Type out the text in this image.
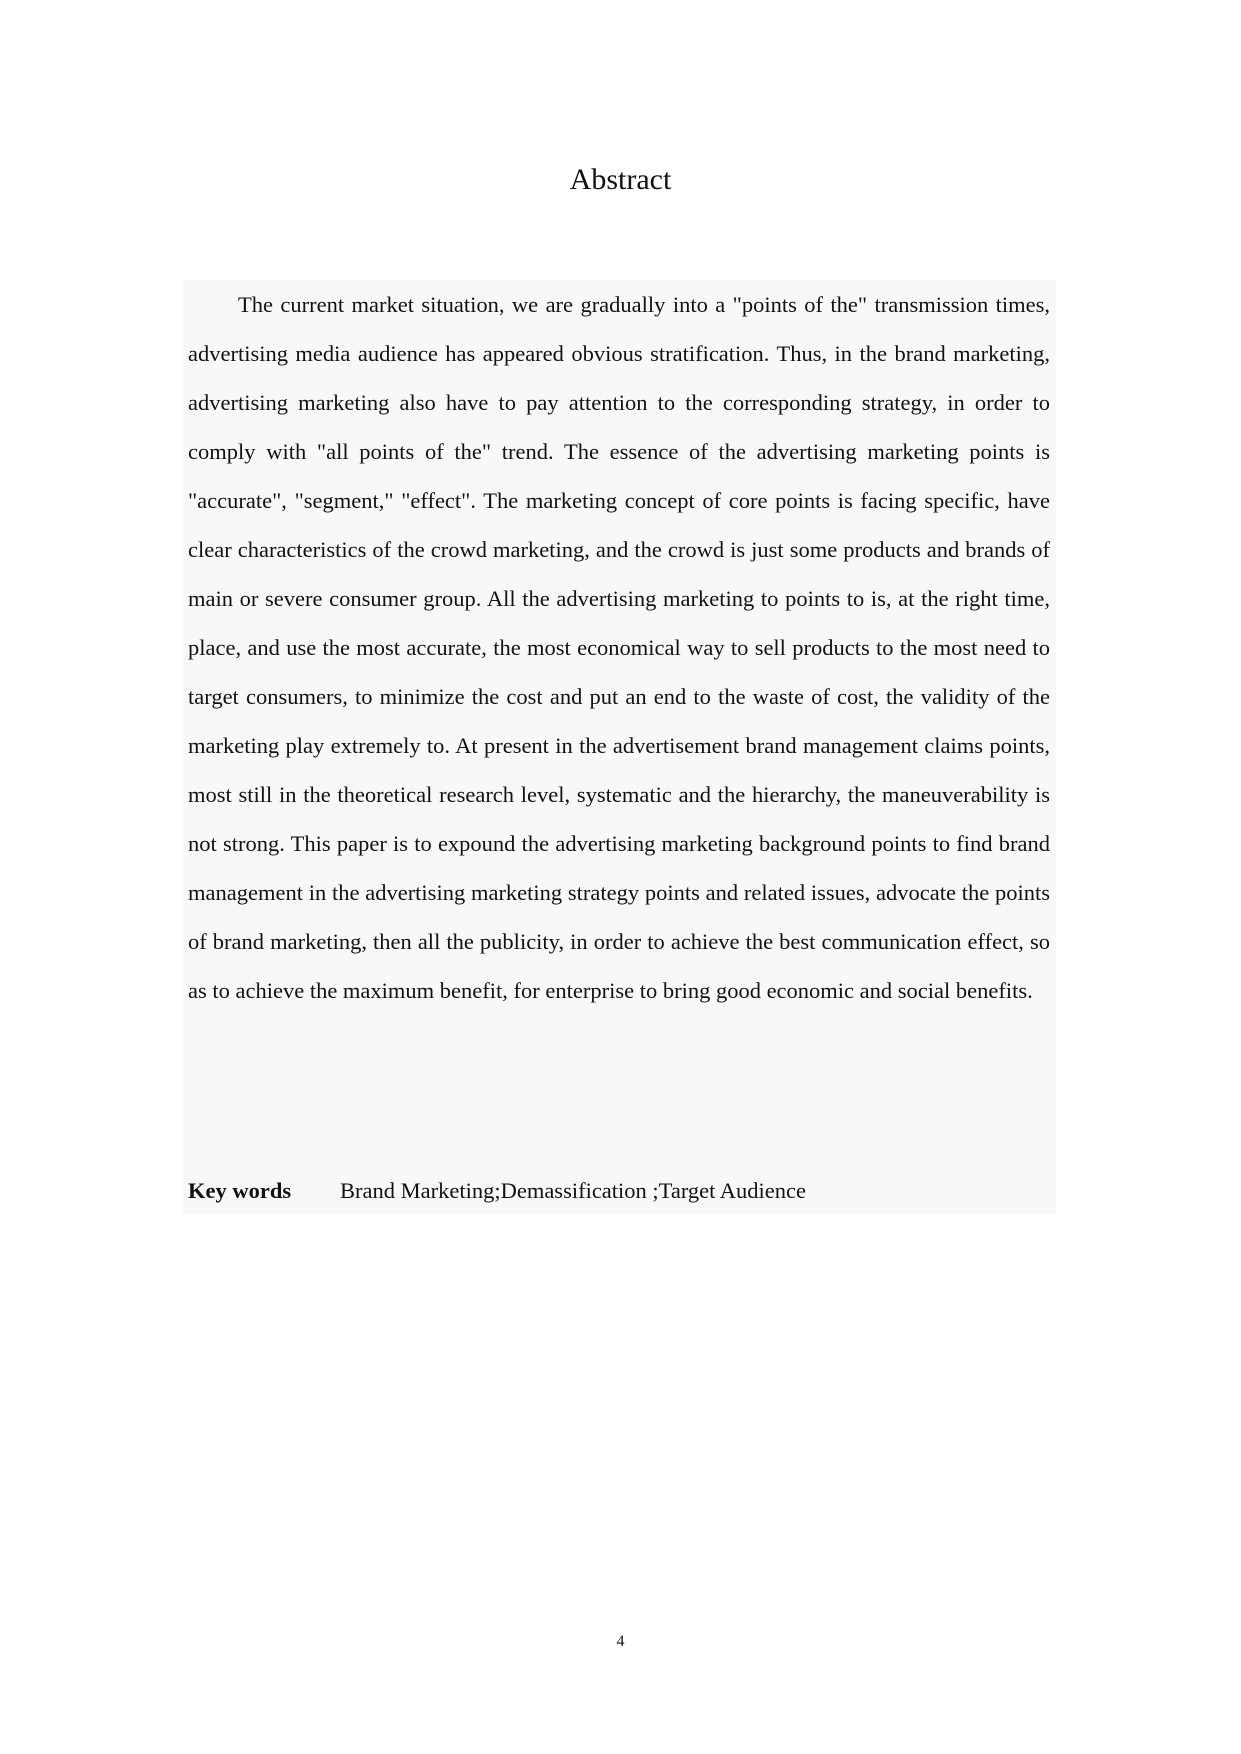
Abstract

The current market situation, we are gradually into a "points of the" transmission times, advertising media audience has appeared obvious stratification. Thus, in the brand marketing, advertising marketing also have to pay attention to the corresponding strategy, in order to comply with "all points of the" trend. The essence of the advertising marketing points is "accurate", "segment," "effect". The marketing concept of core points is facing specific, have clear characteristics of the crowd marketing, and the crowd is just some products and brands of main or severe consumer group. All the advertising marketing to points to is, at the right time, place, and use the most accurate, the most economical way to sell products to the most need to target consumers, to minimize the cost and put an end to the waste of cost, the validity of the marketing play extremely to. At present in the advertisement brand management claims points, most still in the theoretical research level, systematic and the hierarchy, the maneuverability is not strong. This paper is to expound the advertising marketing background points to find brand management in the advertising marketing strategy points and related issues, advocate the points of brand marketing, then all the publicity, in order to achieve the best communication effect, so as to achieve the maximum benefit, for enterprise to bring good economic and social benefits.

Key words Brand Marketing;Demassification ;Target Audience

4
